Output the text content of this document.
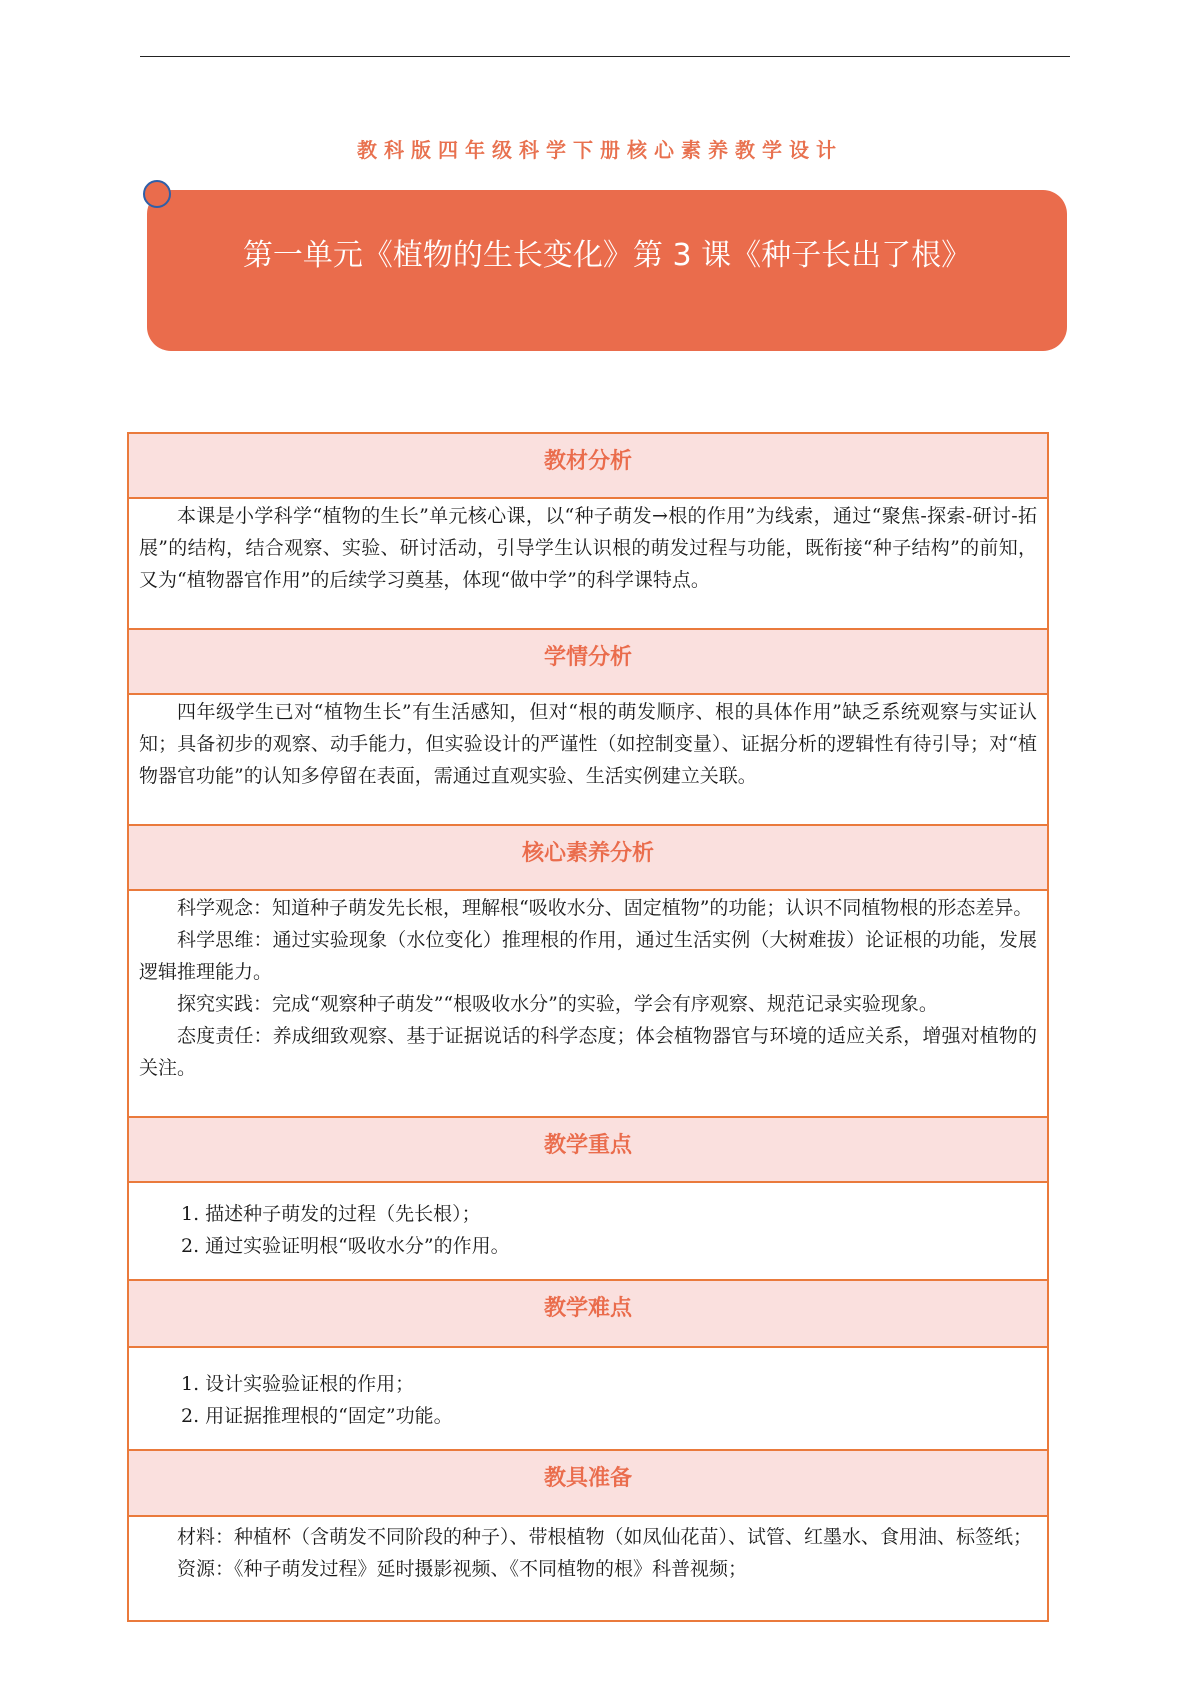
教科版四年级科学下册核心素养教学设计
第一单元《植物的生长变化》第 3 课《种子长出了根》
教材分析

本课是小学科学“植物的生长”单元核心课，以“种子萌发→根的作用”为线索，通过“聚焦-探索-研讨-拓展”的结构，结合观察、实验、研讨活动，引导学生认识根的萌发过程与功能，既衔接“种子结构”的前知，又为“植物器官作用”的后续学习奠基，体现“做中学”的科学课特点。

学情分析

四年级学生已对“植物生长”有生活感知，但对“根的萌发顺序、根的具体作用”缺乏系统观察与实证认知；具备初步的观察、动手能力，但实验设计的严谨性（如控制变量）、证据分析的逻辑性有待引导；对“植物器官功能”的认知多停留在表面，需通过直观实验、生活实例建立关联。

核心素养分析

科学观念：知道种子萌发先长根，理解根“吸收水分、固定植物”的功能；认识不同植物根的形态差异。

科学思维：通过实验现象（水位变化）推理根的作用，通过生活实例（大树难拔）论证根的功能，发展逻辑推理能力。

探究实践：完成“观察种子萌发”“根吸收水分”的实验，学会有序观察、规范记录实验现象。

态度责任：养成细致观察、基于证据说话的科学态度；体会植物器官与环境的适应关系，增强对植物的关注。

教学重点
1. 描述种子萌发的过程（先长根）；
2. 通过实验证明根“吸收水分”的作用。
教学难点
1. 设计实验验证根的作用；
2. 用证据推理根的“固定”功能。
教具准备

材料：种植杯（含萌发不同阶段的种子）、带根植物（如凤仙花苗）、试管、红墨水、食用油、标签纸；

资源：《种子萌发过程》延时摄影视频、《不同植物的根》科普视频；
